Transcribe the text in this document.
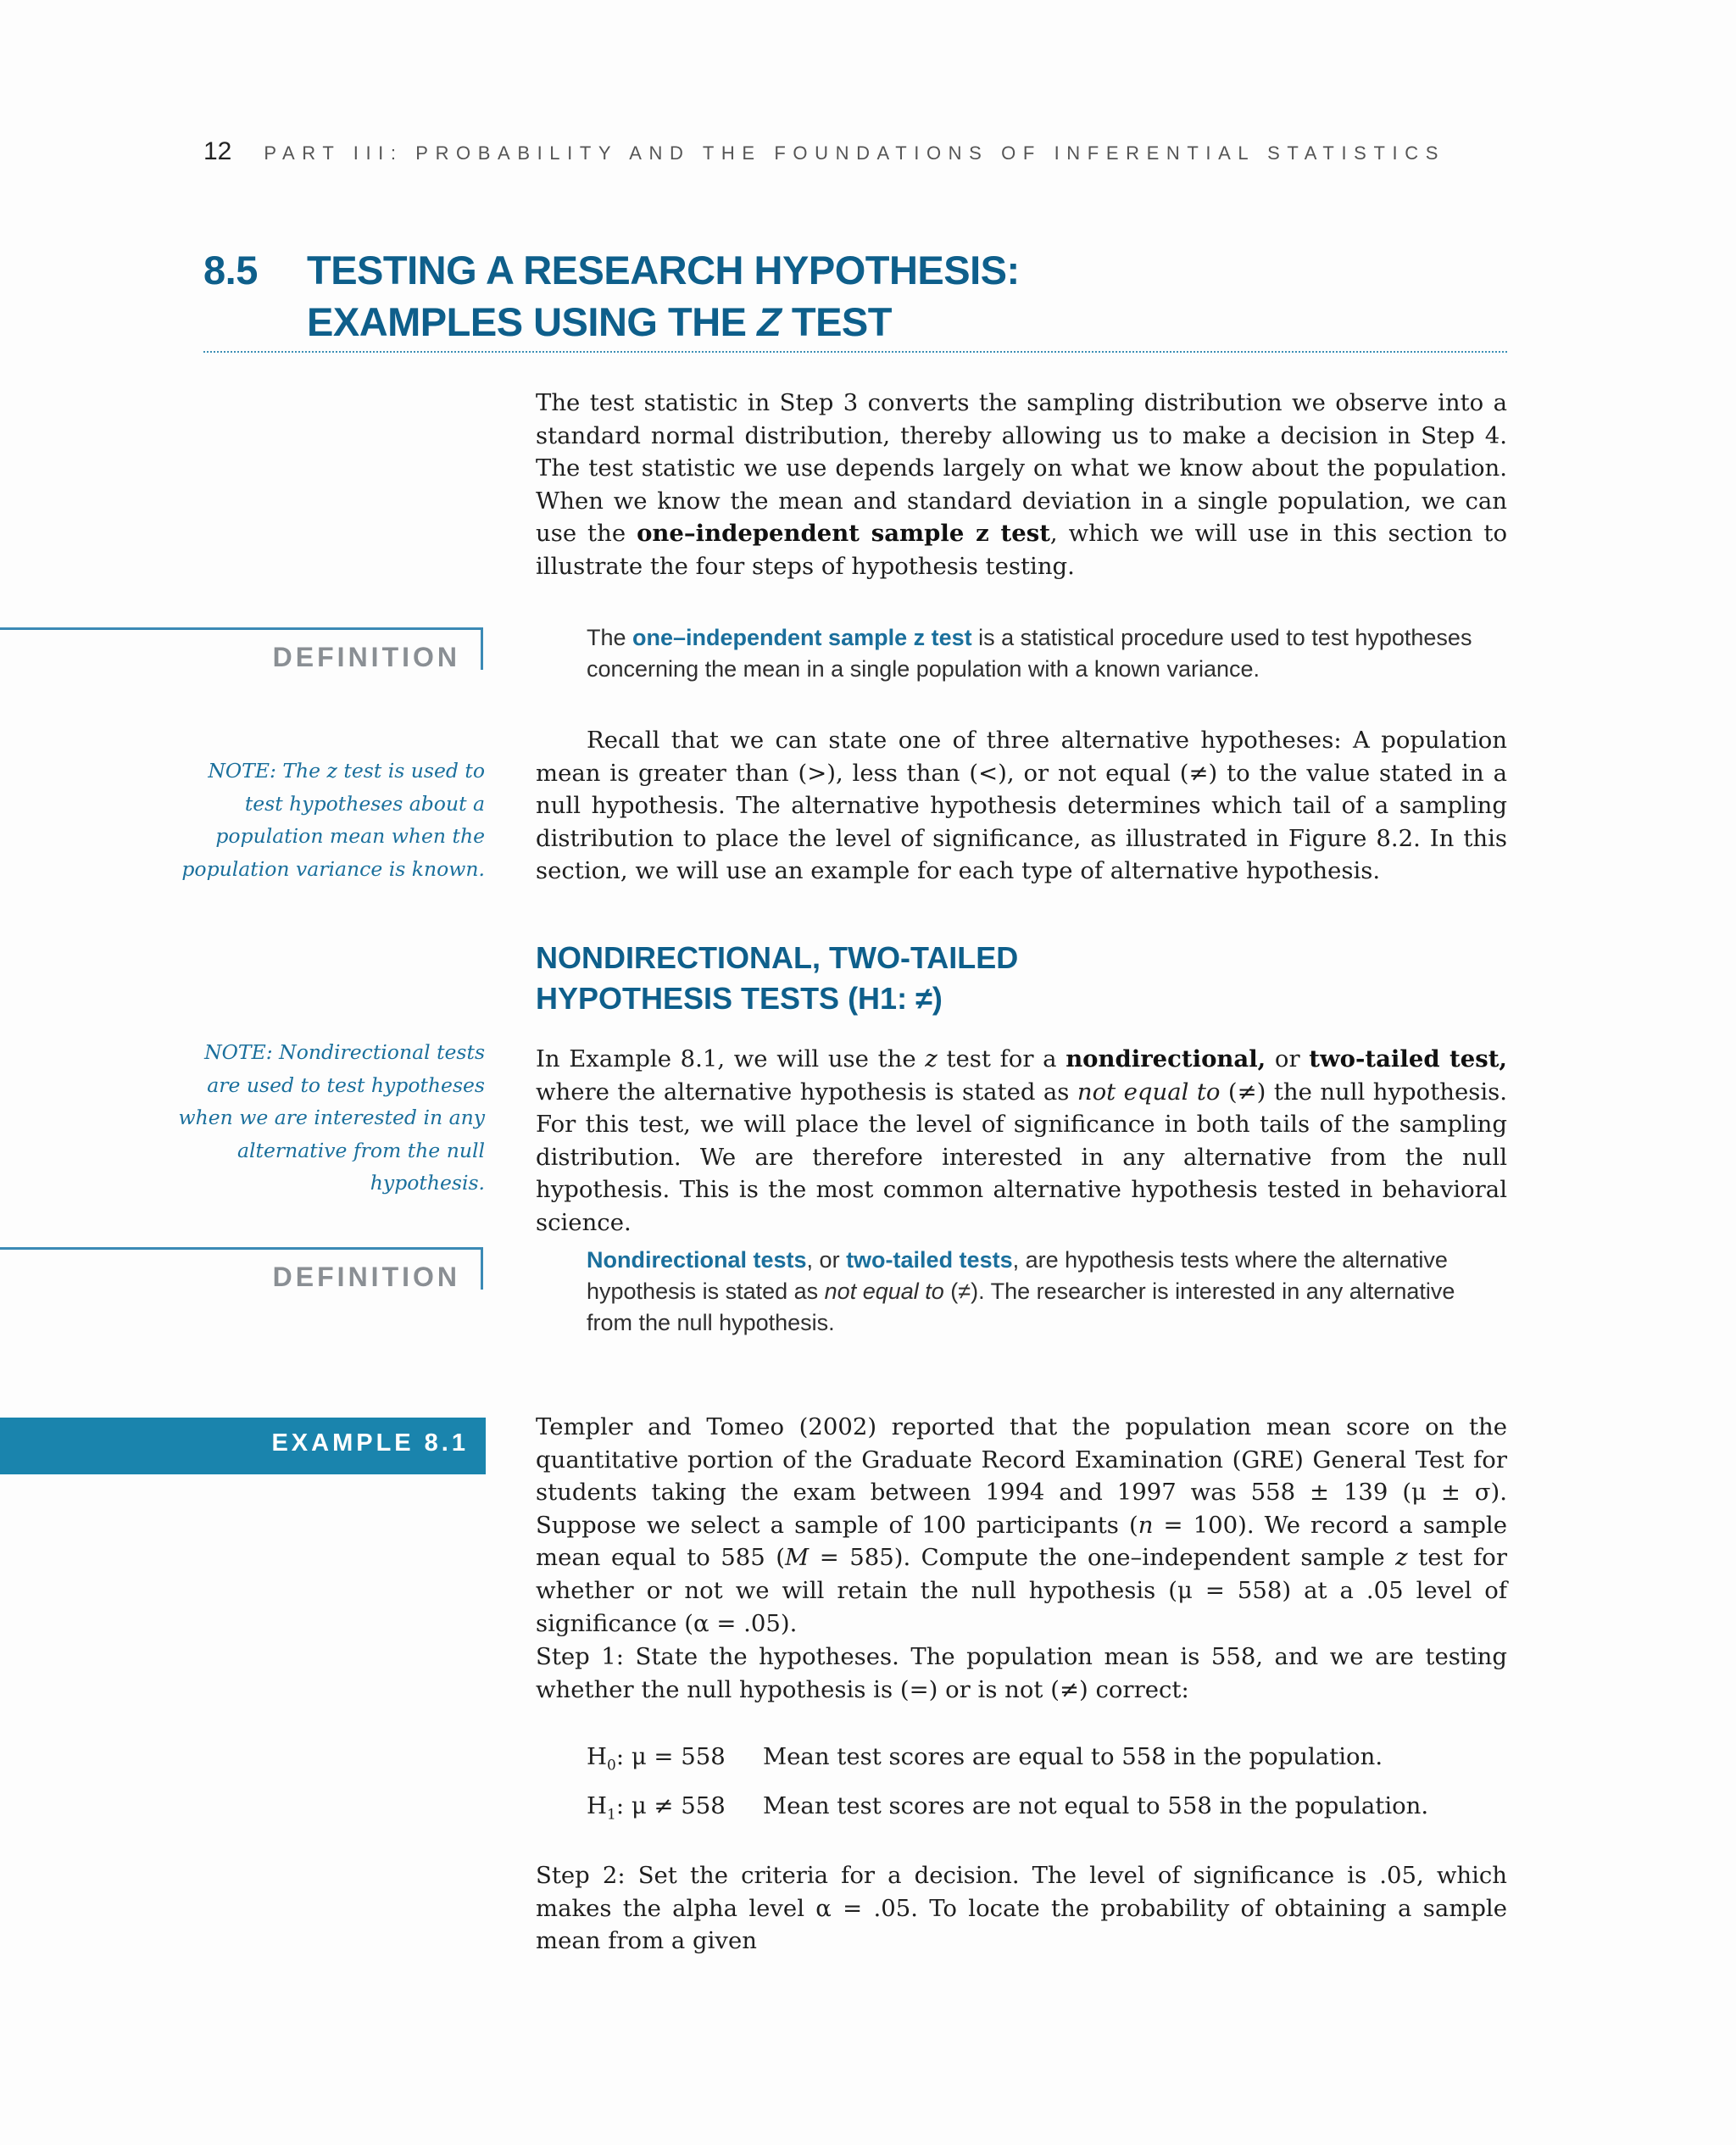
12 PART III: PROBABILITY AND THE FOUNDATIONS OF INFERENTIAL STATISTICS
8.5 TESTING A RESEARCH HYPOTHESIS:
EXAMPLES USING THE Z TEST

The test statistic in Step 3 converts the sampling distribution we observe into a standard normal distribution, thereby allowing us to make a decision in Step 4. The test statistic we use depends largely on what we know about the population. When we know the mean and standard deviation in a single population, we can use the one–independent sample z test, which we will use in this section to illustrate the four steps of hypothesis testing.

DEFINITION

The one–independent sample z test is a statistical procedure used to test hypotheses concerning the mean in a single population with a known variance.

NOTE: The z test is used to test hypotheses about a population mean when the population variance is known.

Recall that we can state one of three alternative hypotheses: A population mean is greater than (>), less than (<), or not equal (≠) to the value stated in a null hypothesis. The alternative hypothesis determines which tail of a sampling distribution to place the level of significance, as illustrated in Figure 8.2. In this section, we will use an example for each type of alternative hypothesis.

NONDIRECTIONAL, TWO-TAILED
HYPOTHESIS TESTS (H1: ≠)

NOTE: Nondirectional tests are used to test hypotheses when we are interested in any alternative from the null hypothesis.

In Example 8.1, we will use the z test for a nondirectional, or two-tailed test, where the alternative hypothesis is stated as not equal to (≠) the null hypothesis. For this test, we will place the level of significance in both tails of the sampling distribution. We are therefore interested in any alternative from the null hypothesis. This is the most common alternative hypothesis tested in behavioral science.

DEFINITION

Nondirectional tests, or two-tailed tests, are hypothesis tests where the alternative hypothesis is stated as not equal to (≠). The researcher is interested in any alternative from the null hypothesis.

EXAMPLE 8.1

Templer and Tomeo (2002) reported that the population mean score on the quantitative portion of the Graduate Record Examination (GRE) General Test for students taking the exam between 1994 and 1997 was 558 ± 139 (μ ± σ). Suppose we select a sample of 100 participants (n = 100). We record a sample mean equal to 585 (M = 585). Compute the one–independent sample z test for whether or not we will retain the null hypothesis (μ = 558) at a .05 level of significance (α = .05).

Step 1: State the hypotheses. The population mean is 558, and we are testing whether the null hypothesis is (=) or is not (≠) correct:

$H_0$: μ = 558 Mean test scores are equal to 558 in the population.
$H_1$: μ ≠ 558 Mean test scores are not equal to 558 in the population.

Step 2: Set the criteria for a decision. The level of significance is .05, which makes the alpha level α = .05. To locate the probability of obtaining a sample mean from a given
